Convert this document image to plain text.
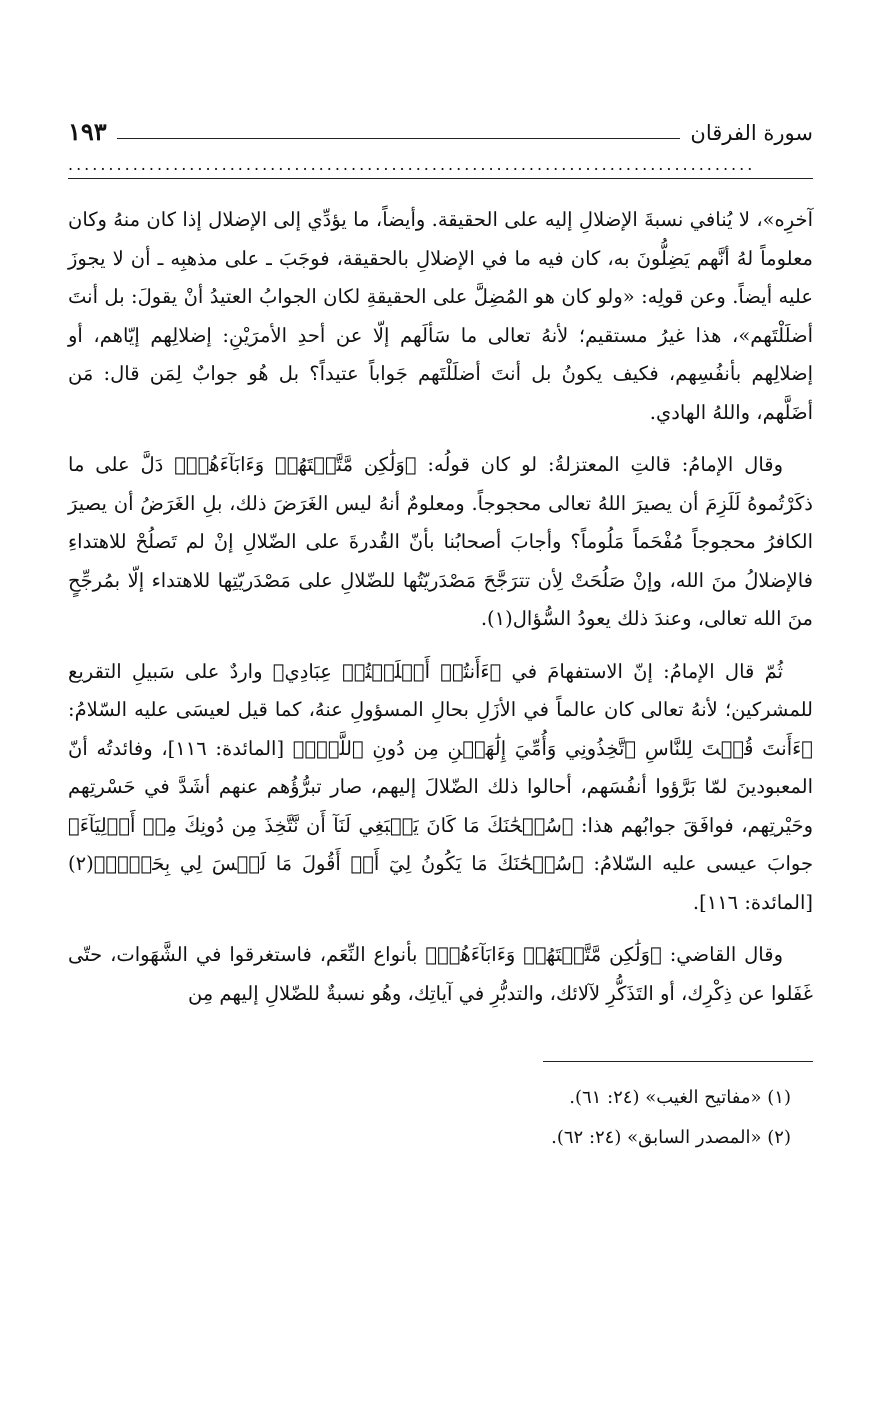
سورة الفرقان
١٩٣
.....................................................................................

آخرِه»، لا يُنافي نسبةَ الإضلالِ إليه على الحقيقة. وأيضاً، ما يؤدِّي إلى الإضلال إذا كان منهُ وكان معلوماً لهُ أنَّهم يَضِلُّونَ به، كان فيه ما في الإضلالِ بالحقيقة، فوجَبَ ـ على مذهبِه ـ أن لا يجوزَ عليه أيضاً. وعن قولِه: «ولو كان هو المُضِلَّ على الحقيقةِ لكان الجوابُ العتيدُ أنْ يقولَ: بل أنتَ أضلَلْتَهم»، هذا غيرُ مستقيم؛ لأنهُ تعالى ما سَألَهم إلّا عن أحدِ الأمرَيْنِ: إضلالِهم إيّاهم، أو إضلالِهم بأنفُسِهم، فكيف يكونُ بل أنتَ أضلَلْتَهم جَواباً عتيداً؟ بل هُو جوابٌ لِمَن قال: مَن أضَلَّهم، واللهُ الهادي.

وقال الإمامُ: قالتِ المعتزلةُ: لو كان قولُه: ﴿وَلَٰكِن مَّتَّعۡتَهُمۡ وَءَابَآءَهُمۡ﴾ دَلَّ على ما ذكَرْتُموهُ لَلَزِمَ أن يصيرَ اللهُ تعالى محجوجاً. ومعلومٌ أنهُ ليس الغَرَضَ ذلك، بلِ الغَرَضُ أن يصيرَ الكافرُ محجوجاً مُفْحَماً مَلُوماً؟ وأجابَ أصحابُنا بأنّ القُدرةَ على الضّلالِ إنْ لم تَصلُحْ للاهتداءِ فالإضلالُ منَ الله، وإنْ صَلُحَتْ لِأن تترَجَّحَ مَصْدَريّتُها للضّلالِ على مَصْدَريّتِها للاهتداء إلّا بمُرجِّحٍ منَ الله تعالى، وعندَ ذلك يعودُ السُّؤال(١).

ثُمّ قال الإمامُ: إنّ الاستفهامَ في ﴿ءَأَنتُمۡ أَضۡلَلۡتُمۡ عِبَادِي﴾ واردٌ على سَبيلِ التقريع للمشركين؛ لأنهُ تعالى كان عالماً في الأزَلِ بحالِ المسؤولِ عنهُ، كما قيل لعيسَى عليه السّلامُ: ﴿ءَأَنتَ قُلۡتَ لِلنَّاسِ ٱتَّخِذُونِي وَأُمِّيَ إِلَٰهَيۡنِ مِن دُونِ ٱللَّهِۖ﴾ [المائدة: ١١٦]، وفائدتُه أنّ المعبودينَ لمّا بَرَّؤوا أنفُسَهم، أحالوا ذلك الضّلالَ إليهم، صار تبرُّؤُهم عنهم أشَدَّ في حَسْرتِهم وحَيْرتِهم، فوافَقَ جوابُهم هذا: ﴿سُبۡحَٰنَكَ مَا كَانَ يَنۢبَغِي لَنَآ أَن نَّتَّخِذَ مِن دُونِكَ مِنۡ أَوۡلِيَآءَ﴾ جوابَ عيسى عليه السّلامُ: ﴿سُبۡحَٰنَكَ مَا يَكُونُ لِيٓ أَنۡ أَقُولَ مَا لَيۡسَ لِي بِحَقٍّۚ﴾(٢) [المائدة: ١١٦].

وقال القاضي: ﴿وَلَٰكِن مَّتَّعۡتَهُمۡ وَءَابَآءَهُمۡ﴾ بأنواع النِّعَم، فاستغرقوا في الشَّهَوات، حتّى غَفَلوا عن ذِكْرِك، أو التَذَكُّرِ لآلائك، والتدبُّرِ في آياتِك، وهُو نسبةٌ للضّلالِ إليهم مِن

(١) «مفاتيح الغيب» (٢٤: ٦١).
(٢) «المصدر السابق» (٢٤: ٦٢).
